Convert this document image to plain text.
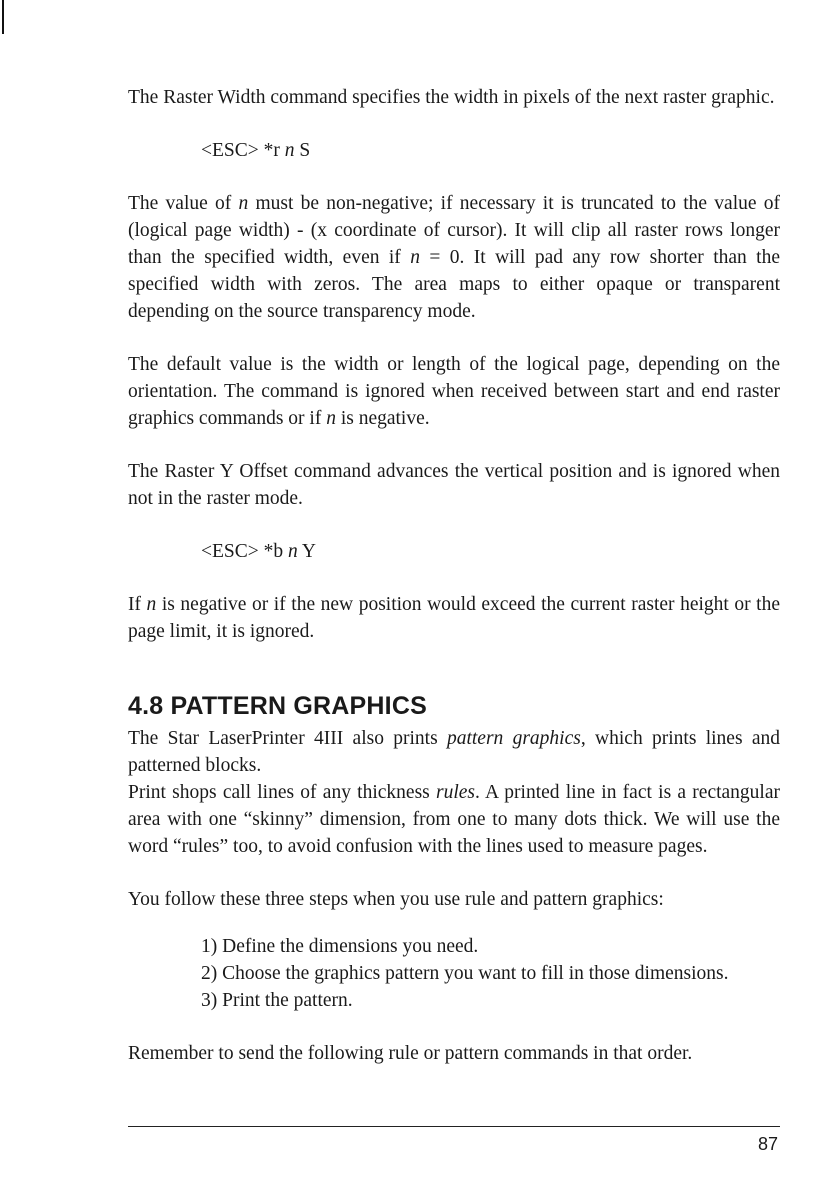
The Raster Width command specifies the width in pixels of the next raster graphic.

<ESC> *r n S

The value of n must be non-negative; if necessary it is truncated to the value of (logical page width) - (x coordinate of cursor). It will clip all raster rows longer than the specified width, even if n = 0. It will pad any row shorter than the specified width with zeros. The area maps to either opaque or transparent depending on the source transparency mode.

The default value is the width or length of the logical page, depending on the orientation. The command is ignored when received between start and end raster graphics commands or if n is negative.

The Raster Y Offset command advances the vertical position and is ignored when not in the raster mode.

<ESC> *b n Y

If n is negative or if the new position would exceed the current raster height or the page limit, it is ignored.

4.8 PATTERN GRAPHICS

The Star LaserPrinter 4III also prints pattern graphics, which prints lines and patterned blocks.

Print shops call lines of any thickness rules. A printed line in fact is a rectangular area with one “skinny” dimension, from one to many dots thick. We will use the word “rules” too, to avoid confusion with the lines used to measure pages.

You follow these three steps when you use rule and pattern graphics:

1) Define the dimensions you need.

2) Choose the graphics pattern you want to fill in those dimensions.

3) Print the pattern.

Remember to send the following rule or pattern commands in that order.

87
